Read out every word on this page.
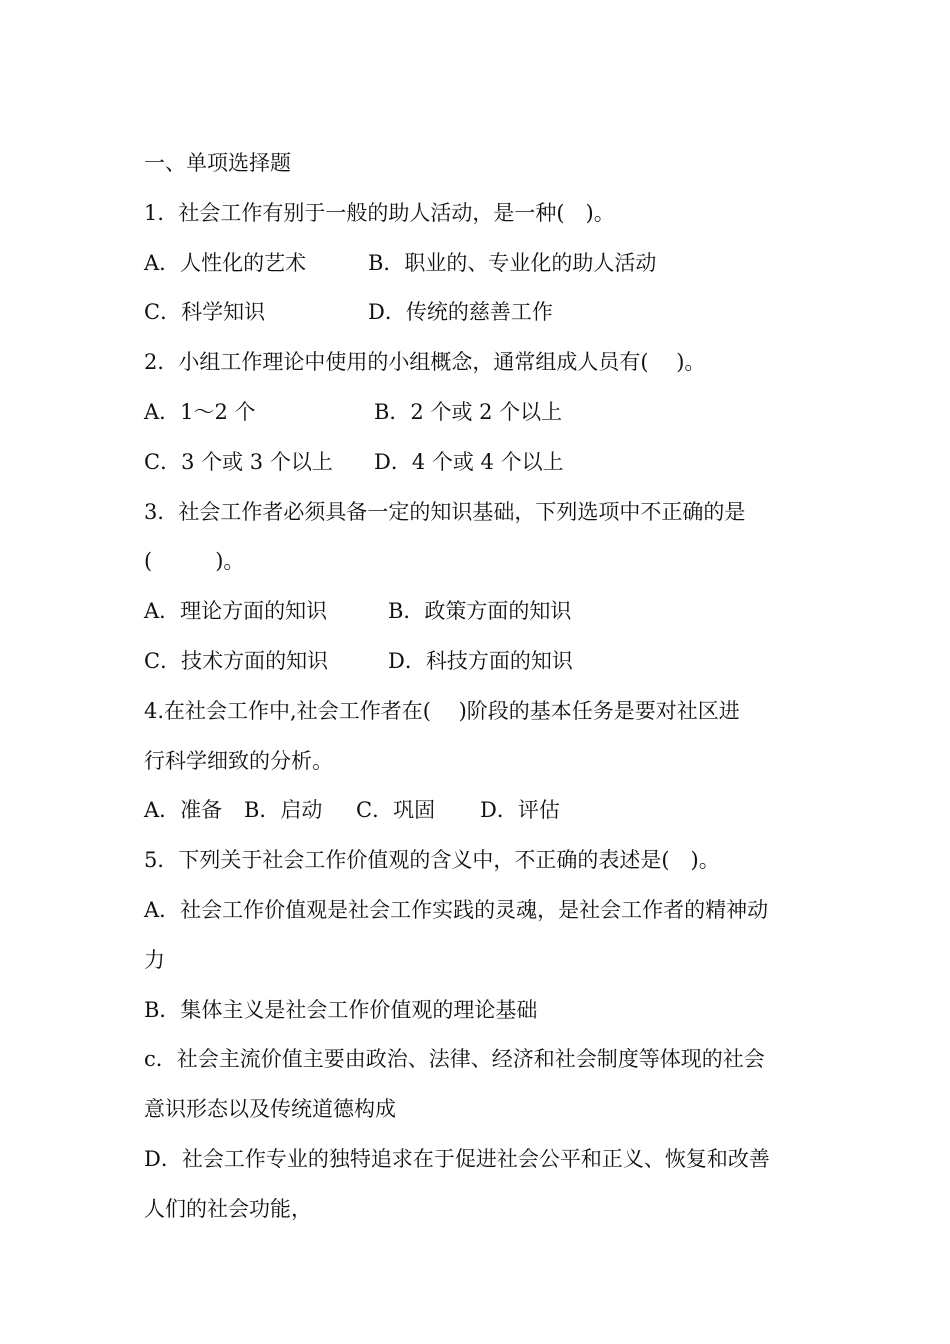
一、单项选择题
1．社会工作有别于一般的助人活动，是一种(　)。
A．人性化的艺术	B．职业的、专业化的助人活动
C．科学知识	D．传统的慈善工作
2．小组工作理论中使用的小组概念，通常组成人员有(　 )。
A．1～2 个	B．2 个或 2 个以上
C．3 个或 3 个以上	D．4 个或 4 个以上
3．社会工作者必须具备一定的知识基础，下列选项中不正确的是
(　　　)。
A．理论方面的知识	B．政策方面的知识
C．技术方面的知识	D．科技方面的知识
4.在社会工作中,社会工作者在(　 )阶段的基本任务是要对社区进
行科学细致的分析。
A．准备	B．启动	C．巩固	D．评估
5．下列关于社会工作价值观的含义中，不正确的表述是(　)。
A．社会工作价值观是社会工作实践的灵魂，是社会工作者的精神动
力
B．集体主义是社会工作价值观的理论基础
c．社会主流价值主要由政治、法律、经济和社会制度等体现的社会
意识形态以及传统道德构成
D．社会工作专业的独特追求在于促进社会公平和正义、恢复和改善
人们的社会功能，
